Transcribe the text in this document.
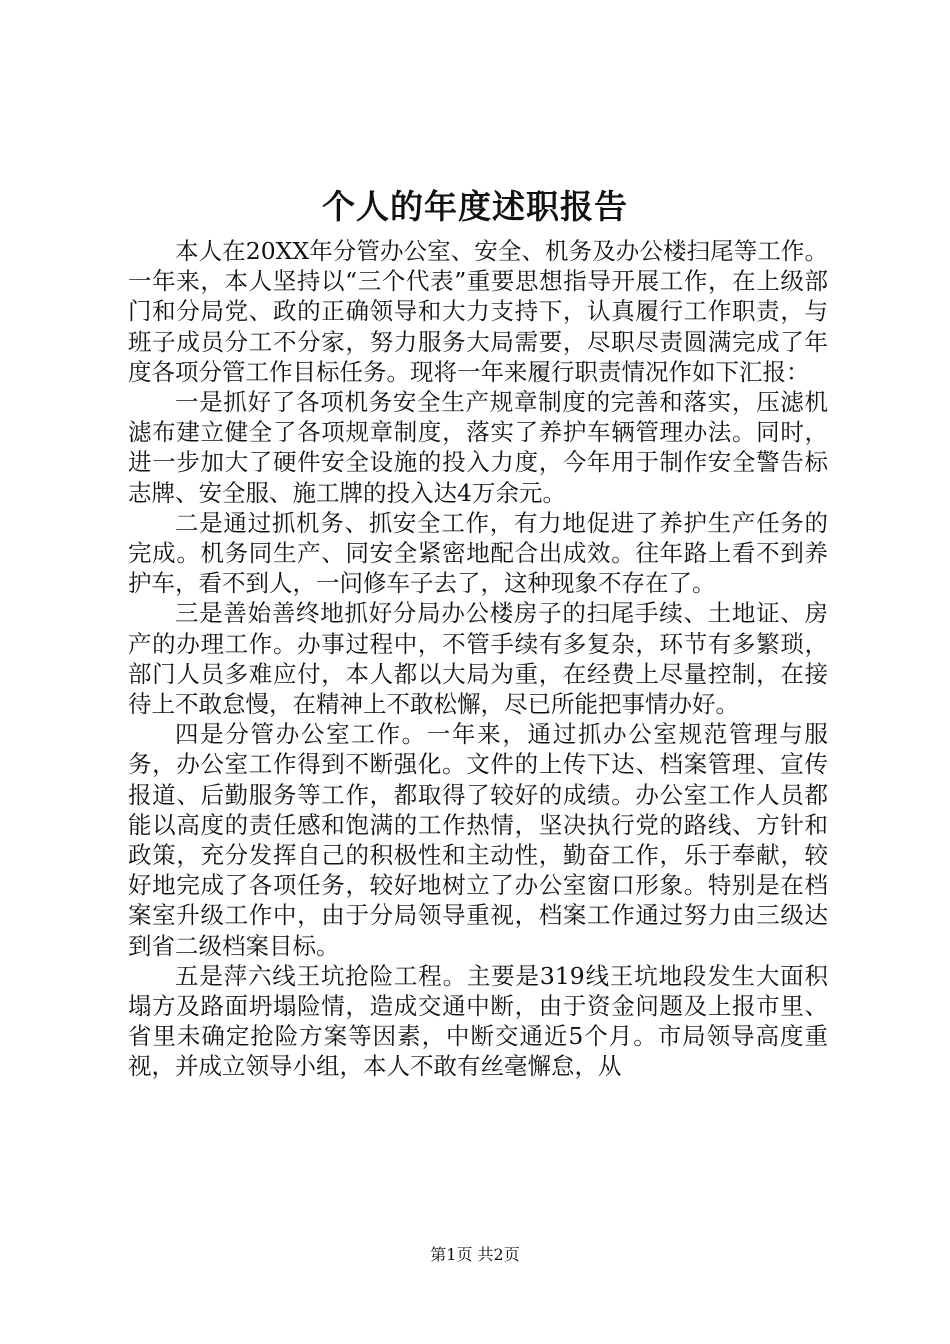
个人的年度述职报告

本人在20XX年分管办公室、安全、机务及办公楼扫尾等工作。一年来，本人坚持以“三个代表”重要思想指导开展工作，在上级部门和分局党、政的正确领导和大力支持下，认真履行工作职责，与班子成员分工不分家，努力服务大局需要，尽职尽责圆满完成了年度各项分管工作目标任务。现将一年来履行职责情况作如下汇报：

一是抓好了各项机务安全生产规章制度的完善和落实，压滤机滤布建立健全了各项规章制度，落实了养护车辆管理办法。同时，进一步加大了硬件安全设施的投入力度，今年用于制作安全警告标志牌、安全服、施工牌的投入达4万余元。

二是通过抓机务、抓安全工作，有力地促进了养护生产任务的完成。机务同生产、同安全紧密地配合出成效。往年路上看不到养护车，看不到人，一问修车子去了，这种现象不存在了。

三是善始善终地抓好分局办公楼房子的扫尾手续、土地证、房产的办理工作。办事过程中，不管手续有多复杂，环节有多繁琐，部门人员多难应付，本人都以大局为重，在经费上尽量控制，在接待上不敢怠慢，在精神上不敢松懈，尽已所能把事情办好。

四是分管办公室工作。一年来，通过抓办公室规范管理与服务，办公室工作得到不断强化。文件的上传下达、档案管理、宣传报道、后勤服务等工作，都取得了较好的成绩。办公室工作人员都能以高度的责任感和饱满的工作热情，坚决执行党的路线、方针和政策，充分发挥自己的积极性和主动性，勤奋工作，乐于奉献，较好地完成了各项任务，较好地树立了办公室窗口形象。特别是在档案室升级工作中，由于分局领导重视，档案工作通过努力由三级达到省二级档案目标。

五是萍六线王坑抢险工程。主要是319线王坑地段发生大面积塌方及路面坍塌险情，造成交通中断，由于资金问题及上报市里、省里未确定抢险方案等因素，中断交通近5个月。市局领导高度重视，并成立领导小组，本人不敢有丝毫懈怠，从

第1页 共2页
